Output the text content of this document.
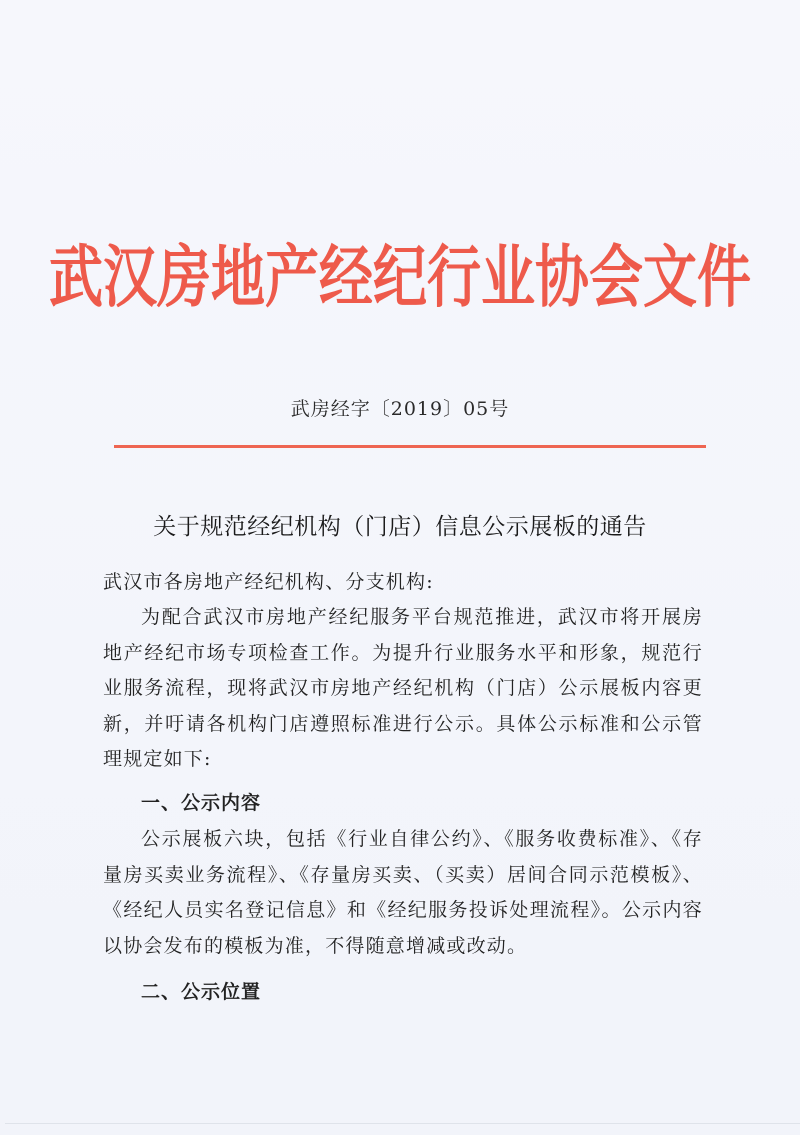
武汉房地产经纪行业协会文件
武房经字〔2019〕05号
关于规范经纪机构（门店）信息公示展板的通告
武汉市各房地产经纪机构、分支机构:

为配合武汉市房地产经纪服务平台规范推进，武汉市将开展房地产经纪市场专项检查工作。为提升行业服务水平和形象，规范行业服务流程，现将武汉市房地产经纪机构（门店）公示展板内容更新，并吁请各机构门店遵照标准进行公示。具体公示标准和公示管理规定如下:

一、公示内容

公示展板六块，包括《行业自律公约》、《服务收费标准》、《存量房买卖业务流程》、《存量房买卖、（买卖）居间合同示范模板》、《经纪人员实名登记信息》和《经纪服务投诉处理流程》。公示内容以协会发布的模板为准，不得随意增减或改动。

二、公示位置
